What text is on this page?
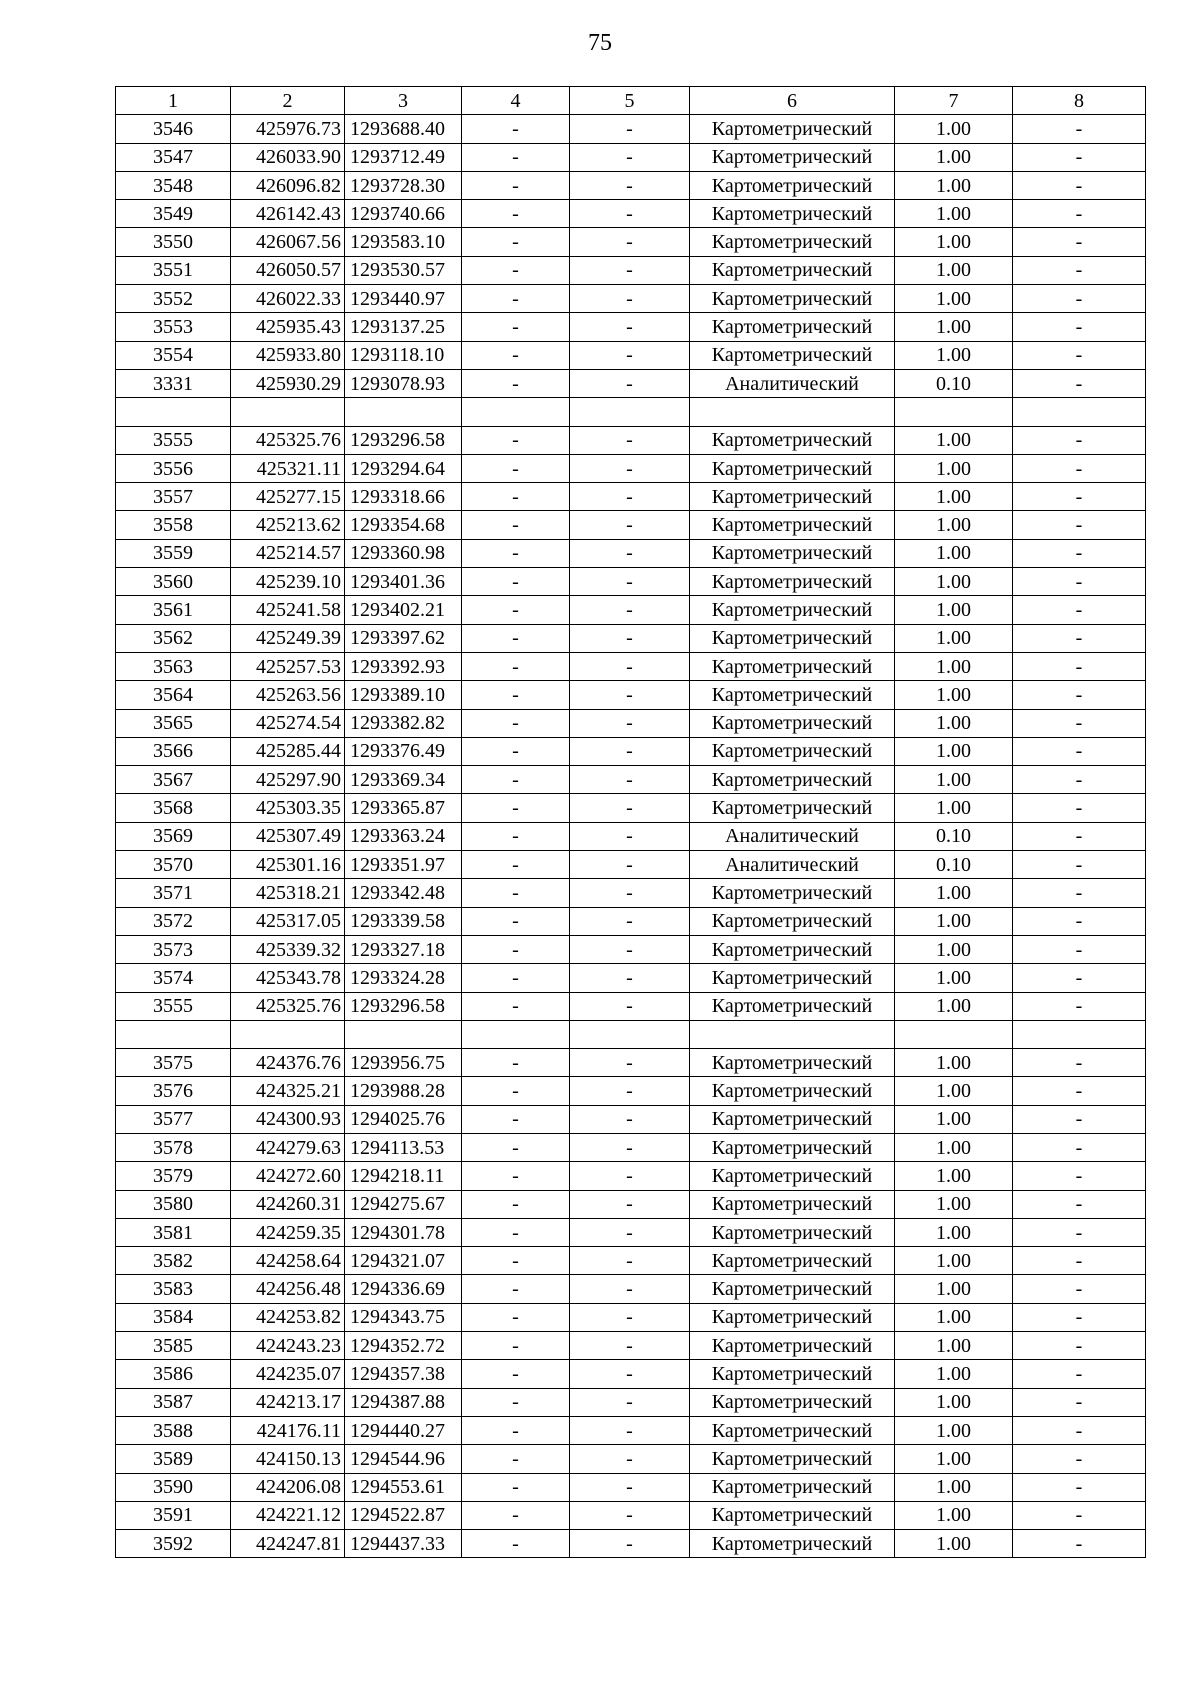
75
1	2	3	4	5	6	7	8
3546	425976.73	1293688.40	-	-	Картометрический	1.00	-
3547	426033.90	1293712.49	-	-	Картометрический	1.00	-
3548	426096.82	1293728.30	-	-	Картометрический	1.00	-
3549	426142.43	1293740.66	-	-	Картометрический	1.00	-
3550	426067.56	1293583.10	-	-	Картометрический	1.00	-
3551	426050.57	1293530.57	-	-	Картометрический	1.00	-
3552	426022.33	1293440.97	-	-	Картометрический	1.00	-
3553	425935.43	1293137.25	-	-	Картометрический	1.00	-
3554	425933.80	1293118.10	-	-	Картометрический	1.00	-
3331	425930.29	1293078.93	-	-	Аналитический	0.10	-

3555	425325.76	1293296.58	-	-	Картометрический	1.00	-
3556	425321.11	1293294.64	-	-	Картометрический	1.00	-
3557	425277.15	1293318.66	-	-	Картометрический	1.00	-
3558	425213.62	1293354.68	-	-	Картометрический	1.00	-
3559	425214.57	1293360.98	-	-	Картометрический	1.00	-
3560	425239.10	1293401.36	-	-	Картометрический	1.00	-
3561	425241.58	1293402.21	-	-	Картометрический	1.00	-
3562	425249.39	1293397.62	-	-	Картометрический	1.00	-
3563	425257.53	1293392.93	-	-	Картометрический	1.00	-
3564	425263.56	1293389.10	-	-	Картометрический	1.00	-
3565	425274.54	1293382.82	-	-	Картометрический	1.00	-
3566	425285.44	1293376.49	-	-	Картометрический	1.00	-
3567	425297.90	1293369.34	-	-	Картометрический	1.00	-
3568	425303.35	1293365.87	-	-	Картометрический	1.00	-
3569	425307.49	1293363.24	-	-	Аналитический	0.10	-
3570	425301.16	1293351.97	-	-	Аналитический	0.10	-
3571	425318.21	1293342.48	-	-	Картометрический	1.00	-
3572	425317.05	1293339.58	-	-	Картометрический	1.00	-
3573	425339.32	1293327.18	-	-	Картометрический	1.00	-
3574	425343.78	1293324.28	-	-	Картометрический	1.00	-
3555	425325.76	1293296.58	-	-	Картометрический	1.00	-

3575	424376.76	1293956.75	-	-	Картометрический	1.00	-
3576	424325.21	1293988.28	-	-	Картометрический	1.00	-
3577	424300.93	1294025.76	-	-	Картометрический	1.00	-
3578	424279.63	1294113.53	-	-	Картометрический	1.00	-
3579	424272.60	1294218.11	-	-	Картометрический	1.00	-
3580	424260.31	1294275.67	-	-	Картометрический	1.00	-
3581	424259.35	1294301.78	-	-	Картометрический	1.00	-
3582	424258.64	1294321.07	-	-	Картометрический	1.00	-
3583	424256.48	1294336.69	-	-	Картометрический	1.00	-
3584	424253.82	1294343.75	-	-	Картометрический	1.00	-
3585	424243.23	1294352.72	-	-	Картометрический	1.00	-
3586	424235.07	1294357.38	-	-	Картометрический	1.00	-
3587	424213.17	1294387.88	-	-	Картометрический	1.00	-
3588	424176.11	1294440.27	-	-	Картометрический	1.00	-
3589	424150.13	1294544.96	-	-	Картометрический	1.00	-
3590	424206.08	1294553.61	-	-	Картометрический	1.00	-
3591	424221.12	1294522.87	-	-	Картометрический	1.00	-
3592	424247.81	1294437.33	-	-	Картометрический	1.00	-
